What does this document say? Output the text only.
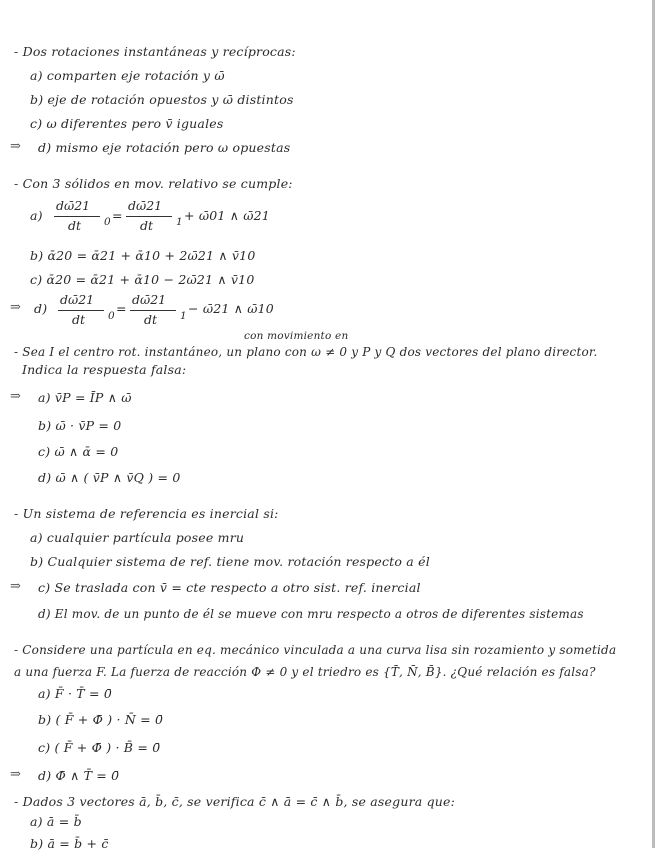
- Dos rotaciones instantáneas y recíprocas:
a) comparten eje rotación y ω̄
b) eje de rotación opuestos y ω̄ distintos
c) ω diferentes pero v̄ iguales
⇒ d) mismo eje rotación pero ω opuestas
- Con 3 sólidos en mov. relativo se cumple:
a)
dω̄21
dt 0 =
dω̄21
dt 1 + ω̄01 ∧ ω̄21
b) ᾱ20 = ᾱ21 + ᾱ10 + 2ω̄21 ∧ v̄10
c) ᾱ20 = ᾱ21 + ᾱ10 − 2ω̄21 ∧ v̄10
⇒ d)
dω̄21
dt 0 =
dω̄21
dt 1 − ω̄21 ∧ ω̄10
con movimiento en
- Sea I el centro rot. instantáneo, un plano con ω ≠ 0 y P y Q dos vectores del plano director.
Indica la respuesta falsa:
⇒ a) v̄P = ĪP ∧ ω̄
b) ω̄ · v̄P = 0
c) ω̄ ∧ ᾱ = 0
d) ω̄ ∧ ( v̄P ∧ v̄Q ) = 0
- Un sistema de referencia es inercial si:
a) cualquier partícula posee mru
b) Cualquier sistema de ref. tiene mov. rotación respecto a él
⇒ c) Se traslada con v̄ = cte respecto a otro sist. ref. inercial
d) El mov. de un punto de él se mueve con mru respecto a otros de diferentes sistemas
- Considere una partícula en eq. mecánico vinculada a una curva lisa sin rozamiento y sometida
a una fuerza F. La fuerza de reacción Φ ≠ 0 y el triedro es {T̄, N̄, B̄}. ¿Qué relación es falsa?
a) F̄ · T̄ = 0̄
b) ( F̄ + Φ̄ ) · N̄ = 0̄
c) ( F̄ + Φ̄ ) · B̄ = 0̄
⇒ d) Φ̄ ∧ T̄ = 0̄
- Dados 3 vectores ā, b̄, c̄, se verifica c̄ ∧ ā = c̄ ∧ b̄, se asegura que:
a) ā = b̄
b) ā = b̄ + c̄
